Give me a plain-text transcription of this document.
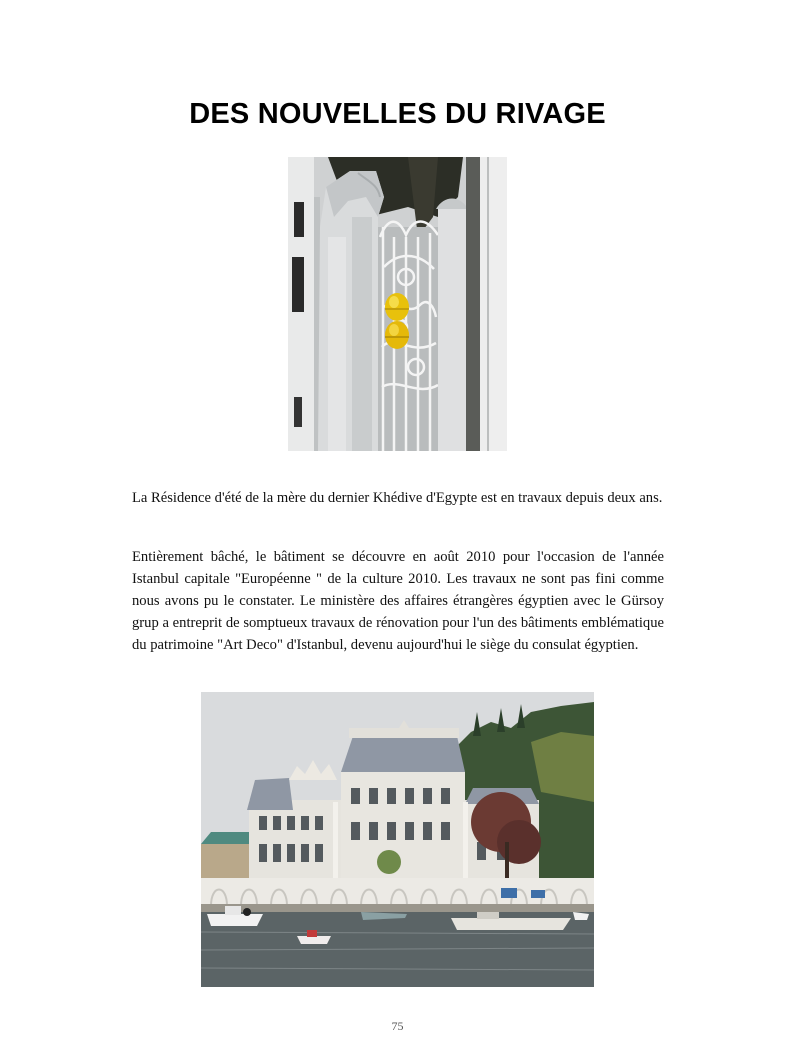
DES NOUVELLES DU RIVAGE

La Résidence d'été de la mère du dernier Khédive d'Egypte est en travaux depuis deux ans.

Entièrement bâché, le bâtiment se découvre en août 2010 pour l'occasion de l'année Istanbul capitale "Européenne " de la culture 2010. Les travaux ne sont pas fini comme nous avons pu le constater. Le ministère des affaires étrangères égyptien avec le Gürsoy grup a entreprit de somptueux travaux de rénovation pour l'un des bâtiments emblématique du patrimoine "Art Deco" d'Istanbul, devenu aujourd'hui le siège du consulat égyptien.

75
